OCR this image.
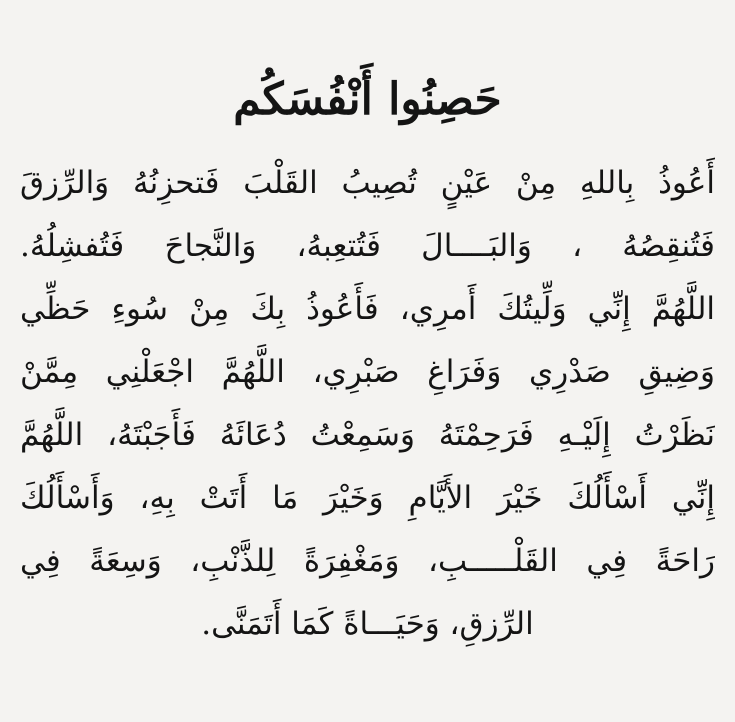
حَصِنُوا أَنْفُسَكُم
أَعُوذُ بِاللهِ مِنْ عَيْنٍ تُصِيبُ القَلْبَ فَتحزِنُهُ وَالرِّزقَ
فَتُنقِصُهُ ، وَالبَــــالَ فَتُتعِبهُ، وَالنَّجاحَ فَتُفشِلُهُ.
اللَّهُمَّ إِنِّي وَلِّيتُكَ أَمرِي، فَأَعُوذُ بِكَ مِنْ سُوءِ حَظِّي
وَضِيقِ صَدْرِي وَفَرَاغِ صَبْرِي، اللَّهُمَّ اجْعَلْنِي مِمَّنْ
نَظَرْتُ إِلَيْـهِ فَرَحِمْتَهُ وَسَمِعْتُ دُعَائَهُ فَأَجَبْتَهُ، اللَّهُمَّ
إِنِّي أَسْأَلُكَ خَيْرَ الأَيَّامِ وَخَيْرَ مَا أَتَتْ بِهِ، وَأَسْأَلُكَ
رَاحَةً فِي القَلْـــــبِ، وَمَغْفِرَةً لِلذَّنْبِ، وَسِعَةً فِي
الرِّزقِ، وَحَيَـــاةً كَمَا أَتَمَنَّى.
